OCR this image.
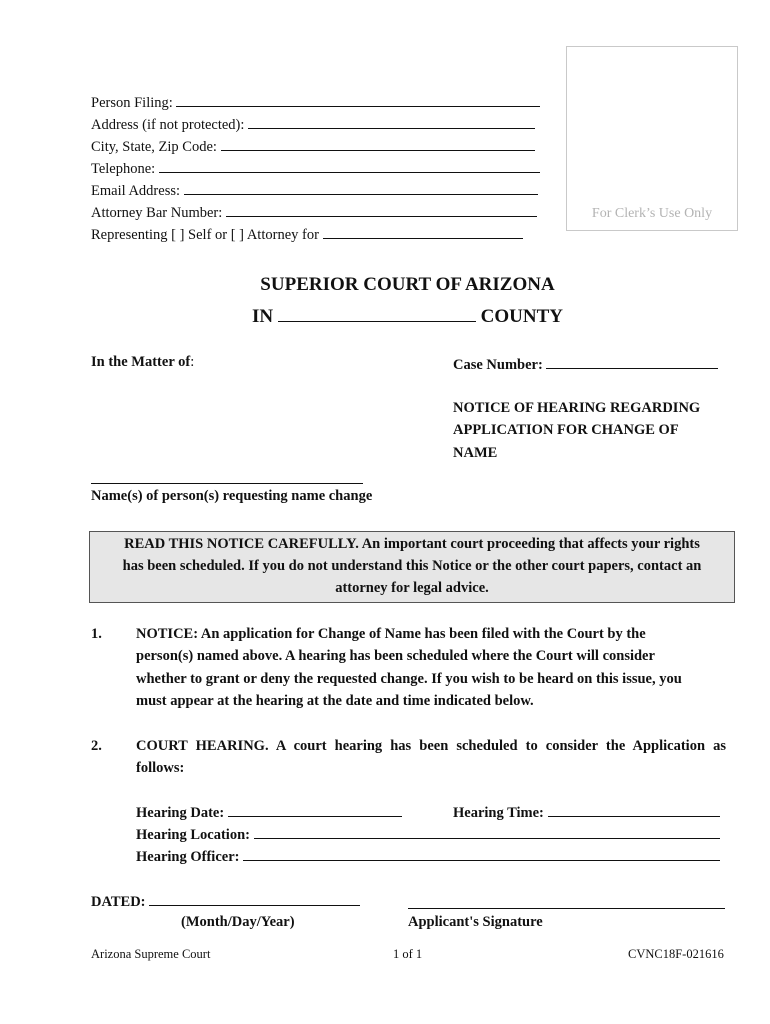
Person Filing:
Address (if not protected):
City, State, Zip Code:
Telephone:
Email Address:
Attorney Bar Number:
Representing [ ] Self or [ ] Attorney for
For Clerk’s Use Only
SUPERIOR COURT OF ARIZONA
IN	COUNTY
In the Matter of:	Case Number:
NOTICE OF HEARING REGARDING
APPLICATION FOR CHANGE OF
NAME
Name(s) of person(s) requesting name change
READ THIS NOTICE CAREFULLY. An important court proceeding that affects your rights
has been scheduled. If you do not understand this Notice or the other court papers, contact an
attorney for legal advice.
1. NOTICE: An application for Change of Name has been filed with the Court by the
person(s) named above. A hearing has been scheduled where the Court will consider
whether to grant or deny the requested change. If you wish to be heard on this issue, you
must appear at the hearing at the date and time indicated below.
2. COURT HEARING. A court hearing has been scheduled to consider the Application as
follows:
Hearing Date:	Hearing Time:
Hearing Location:
Hearing Officer:
DATED:
(Month/Day/Year)	Applicant's Signature
Arizona Supreme Court	1 of 1	CVNC18F-021616
